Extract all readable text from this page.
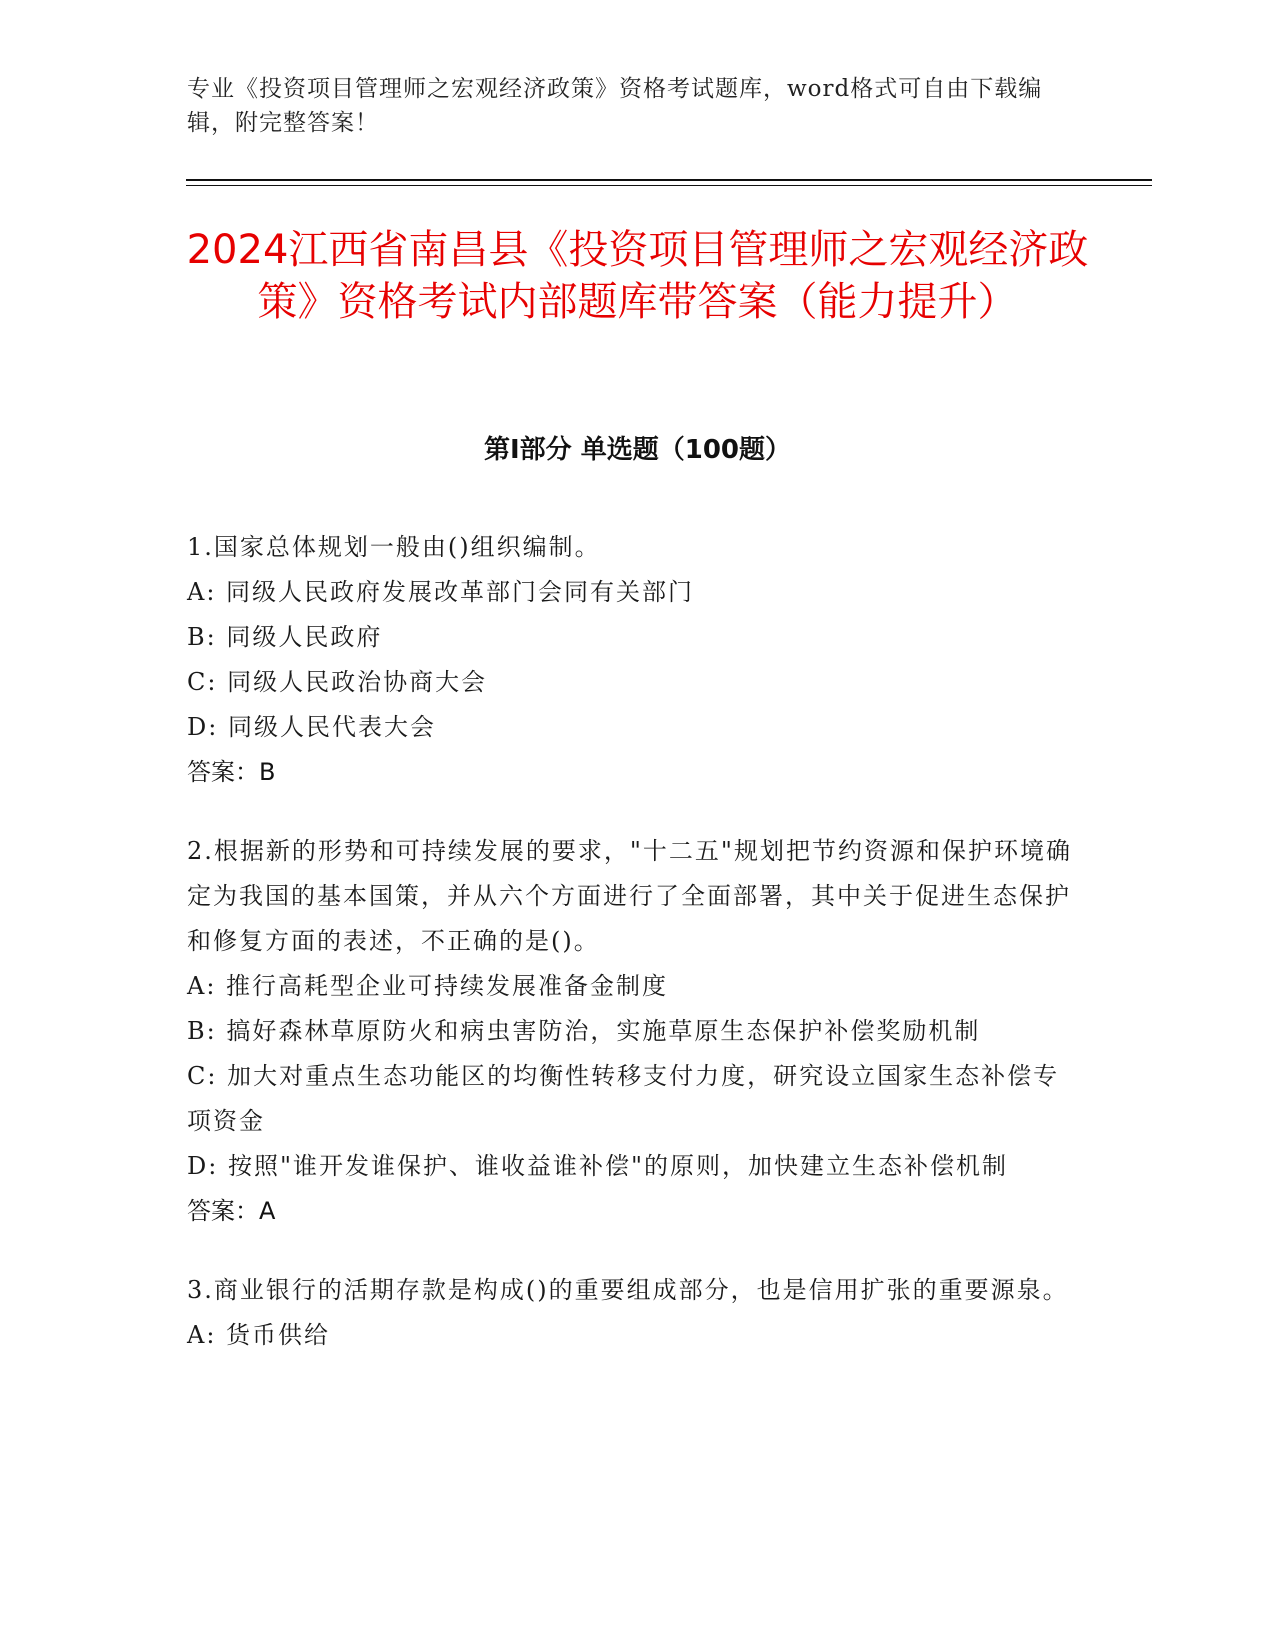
专业《投资项目管理师之宏观经济政策》资格考试题库，word格式可自由下载编辑，附完整答案！
2024江西省南昌县《投资项目管理师之宏观经济政策》资格考试内部题库带答案（能力提升）
第I部分 单选题（100题）
1.国家总体规划一般由()组织编制。
A: 同级人民政府发展改革部门会同有关部门
B: 同级人民政府
C: 同级人民政治协商大会
D: 同级人民代表大会
答案：B
2.根据新的形势和可持续发展的要求，"十二五"规划把节约资源和保护环境确定为我国的基本国策，并从六个方面进行了全面部署，其中关于促进生态保护和修复方面的表述，不正确的是()。
A: 推行高耗型企业可持续发展准备金制度
B: 搞好森林草原防火和病虫害防治，实施草原生态保护补偿奖励机制
C: 加大对重点生态功能区的均衡性转移支付力度，研究设立国家生态补偿专项资金
D: 按照"谁开发谁保护、谁收益谁补偿"的原则，加快建立生态补偿机制
答案：A
3.商业银行的活期存款是构成()的重要组成部分，也是信用扩张的重要源泉。
A: 货币供给
